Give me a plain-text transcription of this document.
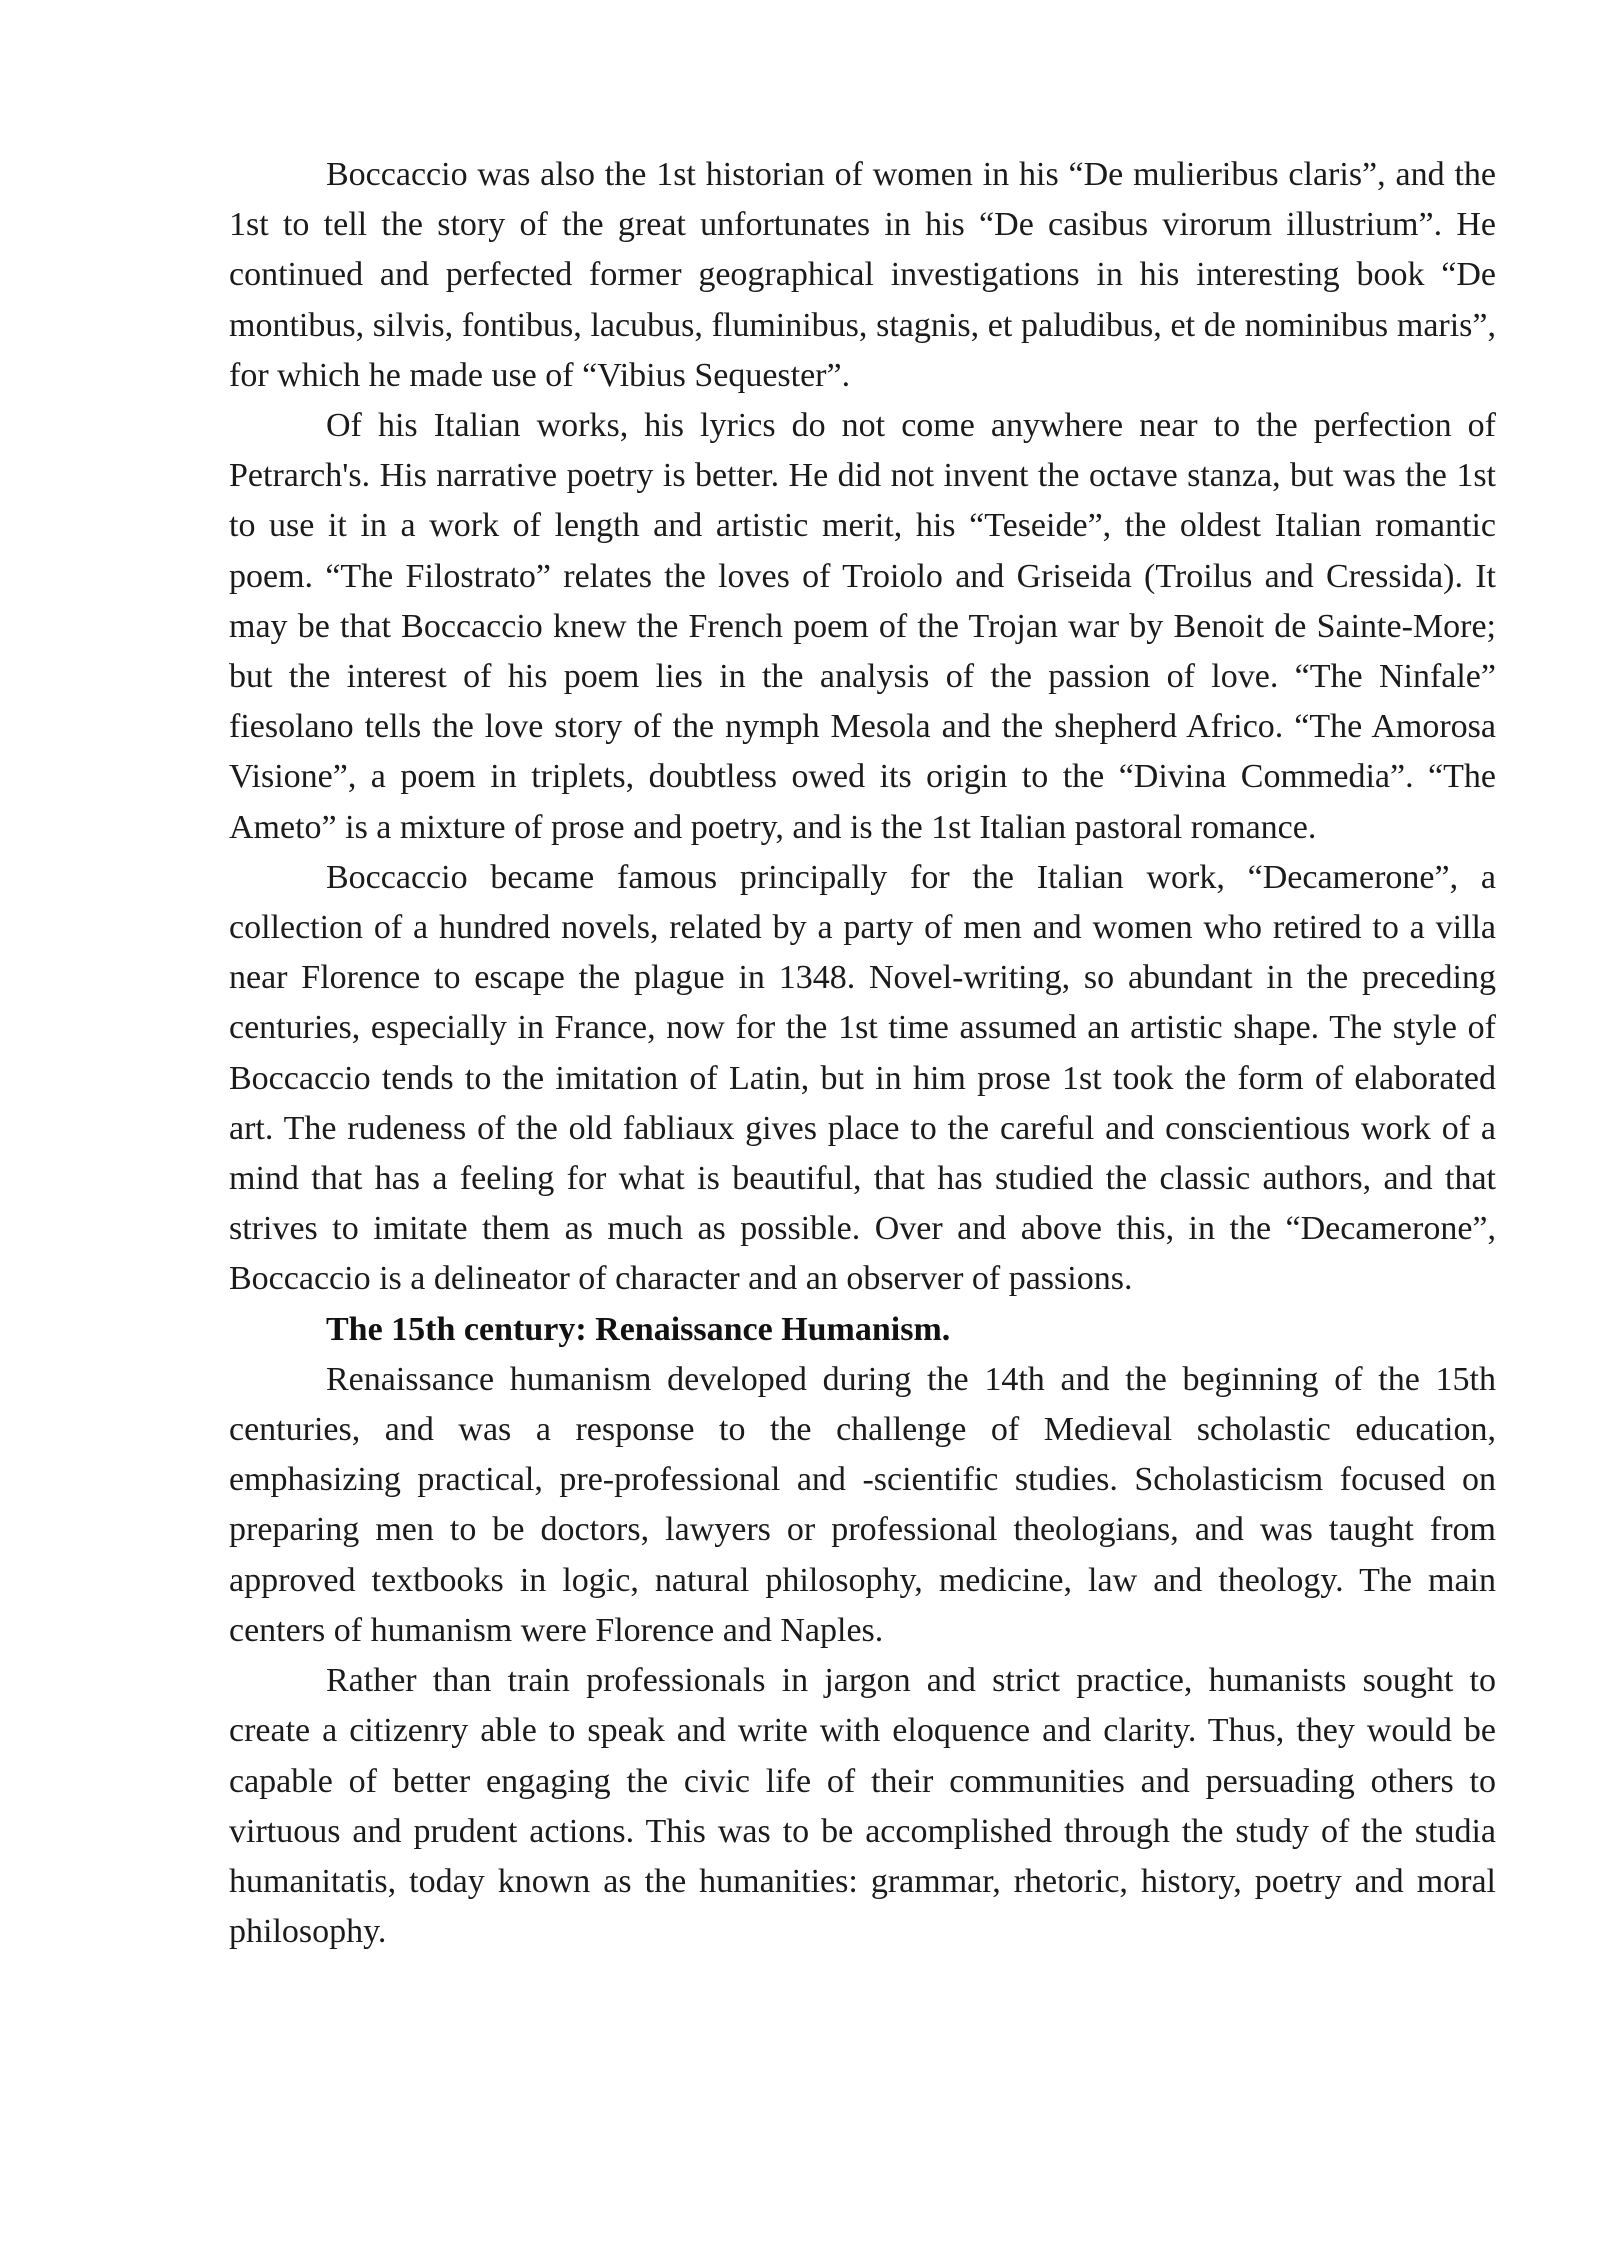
Boccaccio was also the 1st historian of women in his “De mulieribus claris”, and the 1st to tell the story of the great unfortunates in his “De casibus virorum illustrium”. He continued and perfected former geographical investigations in his interesting book “De montibus, silvis, fontibus, lacubus, fluminibus, stagnis, et paludibus, et de nominibus maris”, for which he made use of “Vibius Sequester”.

Of his Italian works, his lyrics do not come anywhere near to the perfection of Petrarch's. His narrative poetry is better. He did not invent the octave stanza, but was the 1st to use it in a work of length and artistic merit, his “Teseide”, the oldest Italian romantic poem. “The Filostrato” relates the loves of Troiolo and Griseida (Troilus and Cressida). It may be that Boccaccio knew the French poem of the Trojan war by Benoit de Sainte-More; but the interest of his poem lies in the analysis of the passion of love. “The Ninfale” fiesolano tells the love story of the nymph Mesola and the shepherd Africo. “The Amorosa Visione”, a poem in triplets, doubtless owed its origin to the “Divina Commedia”. “The Ameto” is a mixture of prose and poetry, and is the 1st Italian pastoral romance.

Boccaccio became famous principally for the Italian work, “Decamerone”, a collection of a hundred novels, related by a party of men and women who retired to a villa near Florence to escape the plague in 1348. Novel-writing, so abundant in the preceding centuries, especially in France, now for the 1st time assumed an artistic shape. The style of Boccaccio tends to the imitation of Latin, but in him prose 1st took the form of elaborated art. The rudeness of the old fabliaux gives place to the careful and conscientious work of a mind that has a feeling for what is beautiful, that has studied the classic authors, and that strives to imitate them as much as possible. Over and above this, in the “Decamerone”, Boccaccio is a delineator of character and an observer of passions.

The 15th century: Renaissance Humanism.

Renaissance humanism developed during the 14th and the beginning of the 15th centuries, and was a response to the challenge of Medieval scholastic education, emphasizing practical, pre-professional and -scientific studies. Scholasticism focused on preparing men to be doctors, lawyers or professional theologians, and was taught from approved textbooks in logic, natural philosophy, medicine, law and theology. The main centers of humanism were Florence and Naples.

Rather than train professionals in jargon and strict practice, humanists sought to create a citizenry able to speak and write with eloquence and clarity. Thus, they would be capable of better engaging the civic life of their communities and persuading others to virtuous and prudent actions. This was to be accomplished through the study of the studia humanitatis, today known as the humanities: grammar, rhetoric, history, poetry and moral philosophy.
